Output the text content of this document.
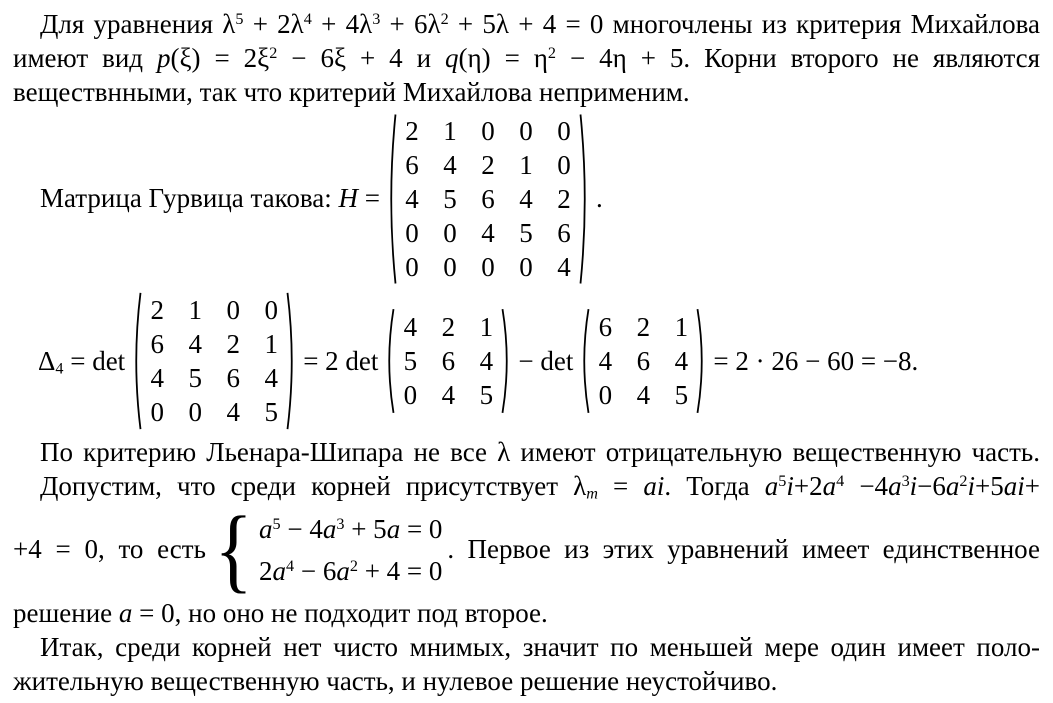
Для уравнения $\lambda^5 + 2\lambda^4 + 4\lambda^3 + 6\lambda^2 + 5\lambda + 4 = 0$ многочлены из критерия Михайлова
имеют вид $p(\xi) = 2\xi^2 - 6\xi + 4$ и $q(\eta) = \eta^2 - 4\eta + 5$. Корни второго не являются
веществнными, так что критерий Михайлова неприменим.
Матрица Гурвица такова: H =
2 1 0 0 0
6 4 2 1 0
4 5 6 4 2
0 0 4 5 6
0 0 0 0 4
.
$\Delta_4 = \det$
2 1 0 0
6 4 2 1
4 5 6 4
0 0 4 5
= 2 det
4 2 1
5 6 4
0 4 5
− det
6 2 1
4 6 4
0 4 5
= 2 · 26 − 60 = −8.
По критерию Льенара-Шипара не все λ имеют отрицательную вещественную часть.
Допустим, что среди корней присутствует $\lambda_m$ = ai. Тогда $a^5i+2a^4 -4a^3i-6a^2i+5ai+$
+4 = 0, то есть { $a^5 - 4a^3 + 5a = 0$
$2a^4 - 6a^2 + 4 = 0$
. Первое из этих уравнений имеет единственное
решение a = 0, но оно не подходит под второе.
Итак, среди корней нет чисто мнимых, значит по меньшей мере один имеет поло-
жительную вещественную часть, и нулевое решение неустойчиво.
